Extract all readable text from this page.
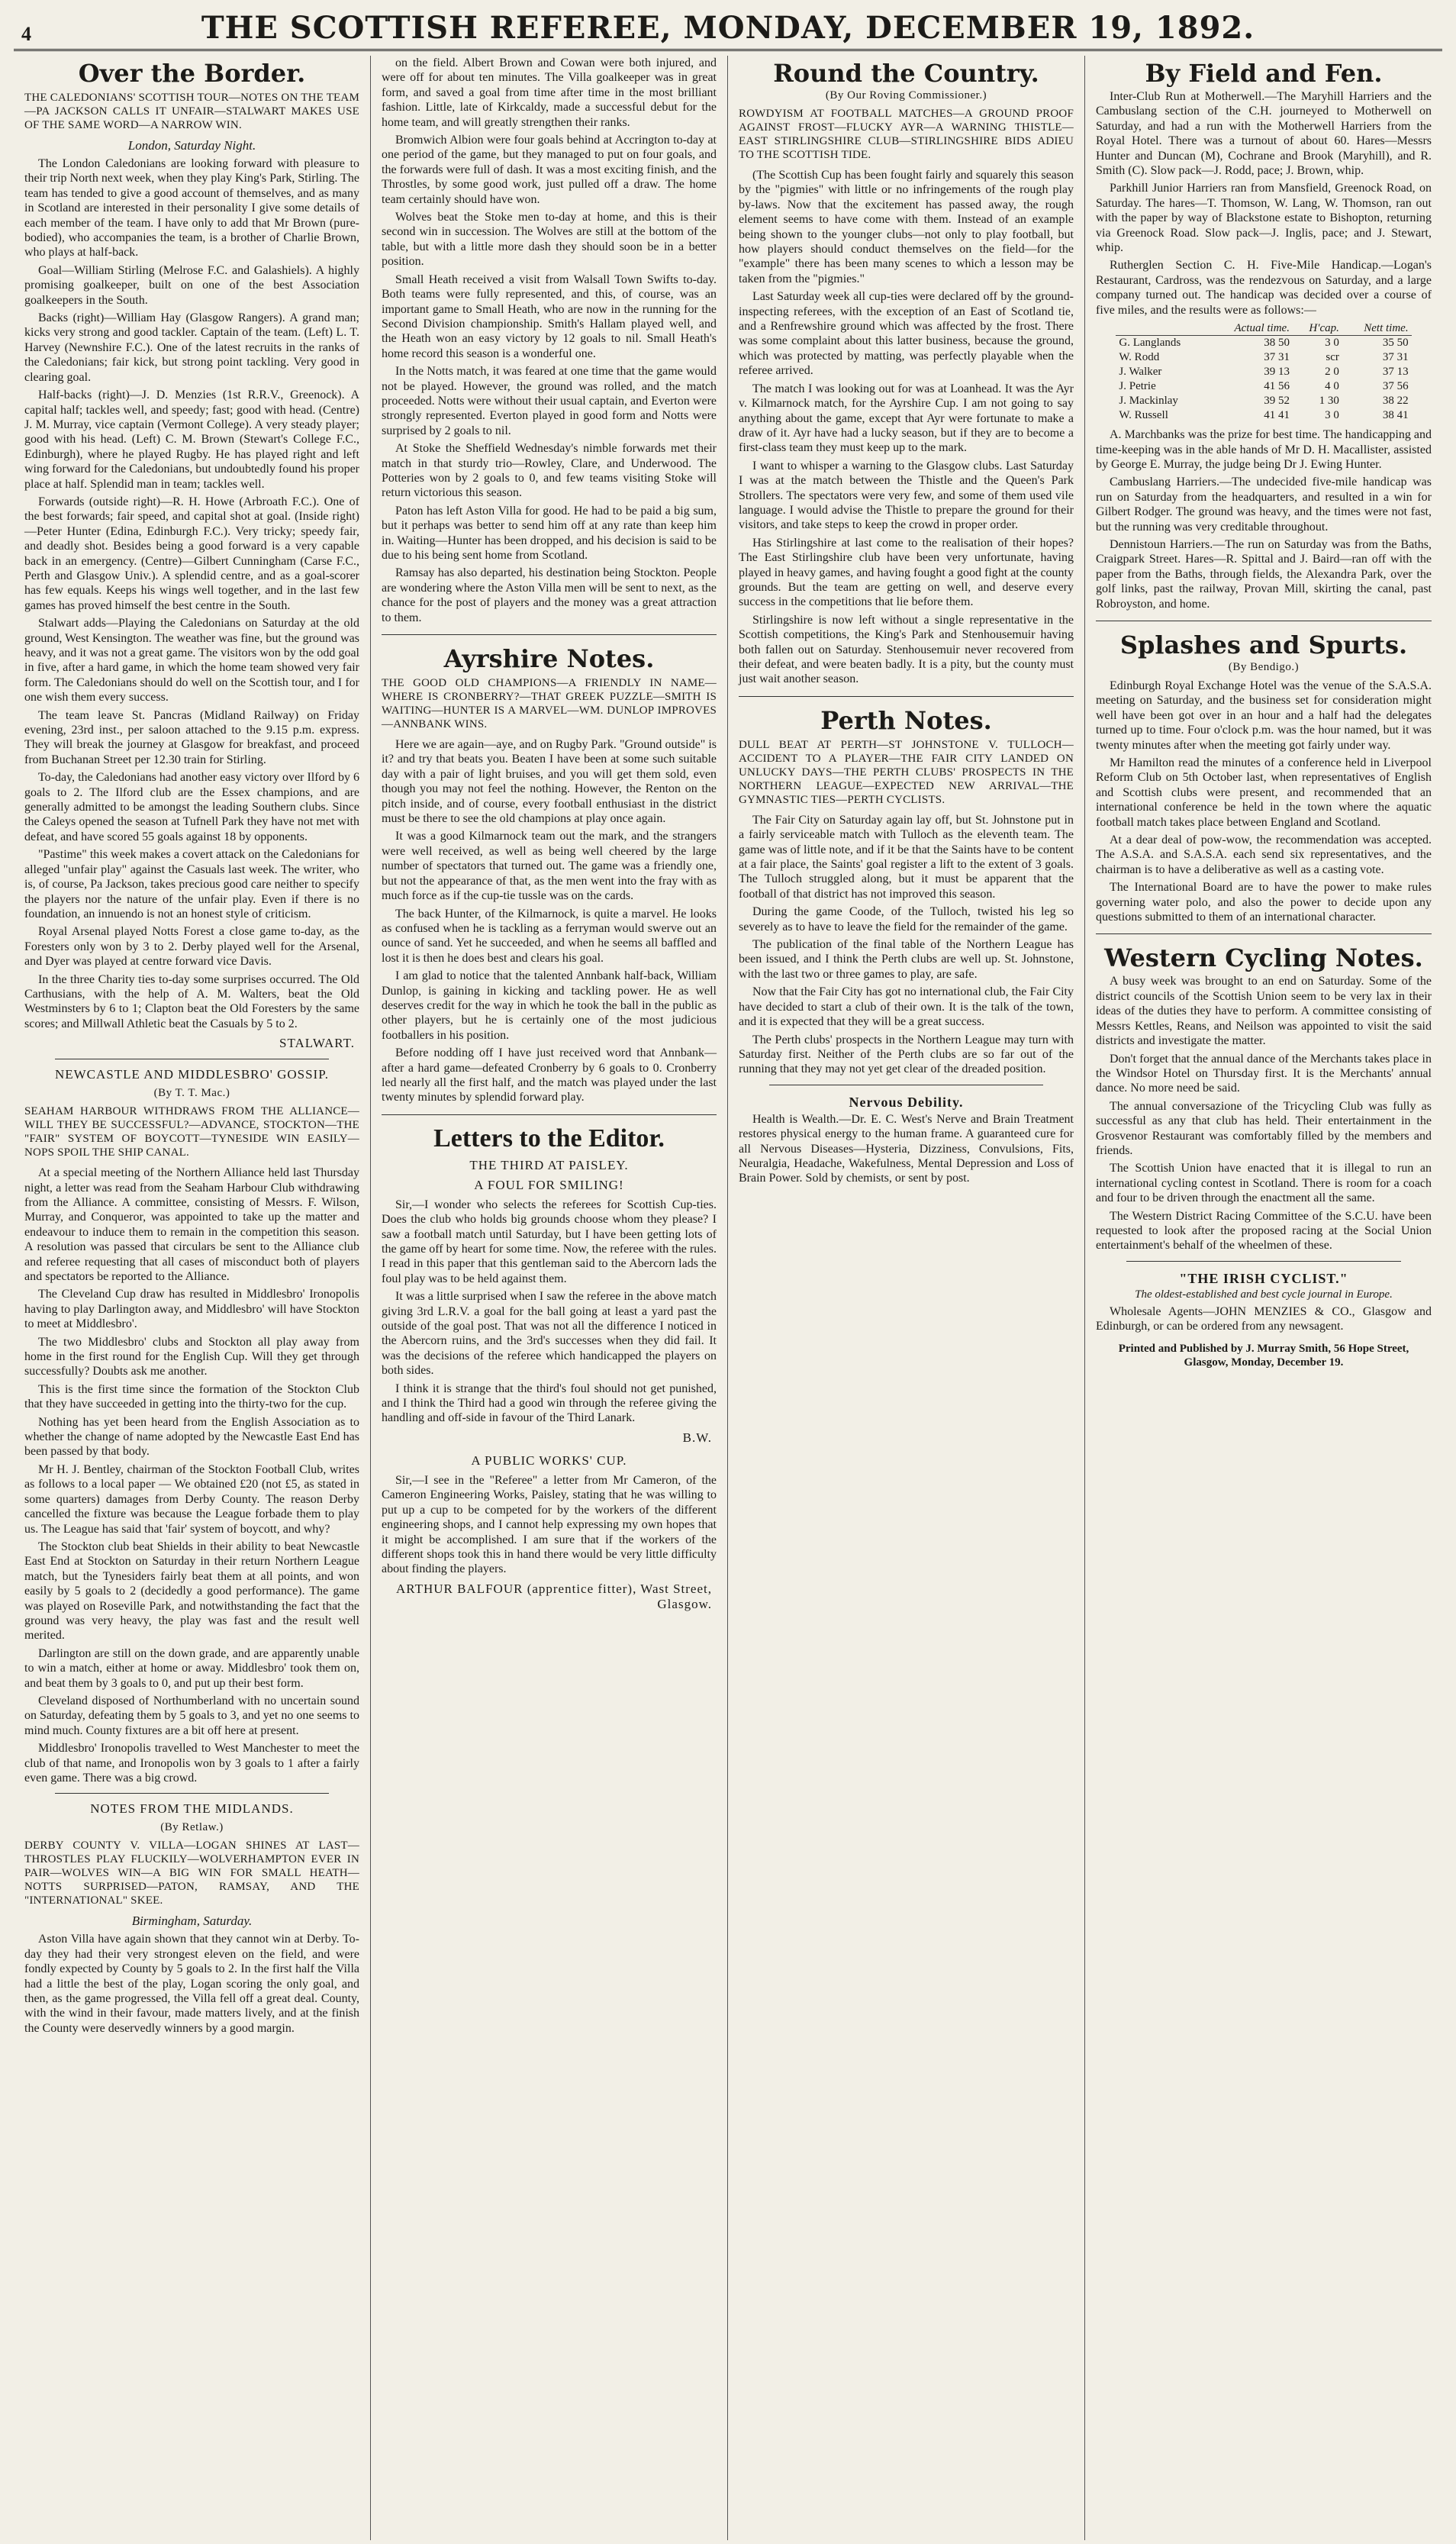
4	THE SCOTTISH REFEREE, MONDAY, DECEMBER 19, 1892.
Over the Border.
THE CALEDONIANS' SCOTTISH TOUR—NOTES ON THE TEAM—PA JACKSON CALLS IT UNFAIR—STALWART MAKES USE OF THE SAME WORD—A NARROW WIN.
London, Saturday Night.

The London Caledonians are looking forward with pleasure to their trip North next week, when they play King's Park, Stirling. The team has tended to give a good account of themselves, and as many in Scotland are interested in their personality I give some details of each member of the team. I have only to add that Mr Brown (pure-bodied), who accompanies the team, is a brother of Charlie Brown, who plays at half-back.

Goal—William Stirling (Melrose F.C. and Galashiels). A highly promising goalkeeper, built on one of the best Association goalkeepers in the South.

Backs (right)—William Hay (Glasgow Rangers). A grand man; kicks very strong and good tackler. Captain of the team. (Left) L. T. Harvey (Newnshire F.C.). One of the latest recruits in the ranks of the Caledonians; fair kick, but strong point tackling. Very good in clearing goal.

Half-backs (right)—J. D. Menzies (1st R.R.V., Greenock). A capital half; tackles well, and speedy; fast; good with head. (Centre) J. M. Murray, vice captain (Vermont College). A very steady player; good with his head. (Left) C. M. Brown (Stewart's College F.C., Edinburgh), where he played Rugby. He has played right and left wing forward for the Caledonians, but undoubtedly found his proper place at half. Splendid man in team; tackles well.

Forwards (outside right)—R. H. Howe (Arbroath F.C.). One of the best forwards; fair speed, and capital shot at goal. (Inside right)—Peter Hunter (Edina, Edinburgh F.C.). Very tricky; speedy fair, and deadly shot. Besides being a good forward is a very capable back in an emergency. (Centre)—Gilbert Cunningham (Carse F.C., Perth and Glasgow Univ.). A splendid centre, and as a goal-scorer has few equals. Keeps his wings well together, and in the last few games has proved himself the best centre in the South.

Stalwart adds—Playing the Caledonians on Saturday at the old ground, West Kensington. The weather was fine, but the ground was heavy, and it was not a great game. The visitors won by the odd goal in five, after a hard game, in which the home team showed very fair form. The Caledonians should do well on the Scottish tour, and I for one wish them every success.

The team leave St. Pancras (Midland Railway) on Friday evening, 23rd inst., per saloon attached to the 9.15 p.m. express. They will break the journey at Glasgow for breakfast, and proceed from Buchanan Street per 12.30 train for Stirling.

To-day, the Caledonians had another easy victory over Ilford by 6 goals to 2. The Ilford club are the Essex champions, and are generally admitted to be amongst the leading Southern clubs. Since the Caleys opened the season at Tufnell Park they have not met with defeat, and have scored 55 goals against 18 by opponents.

"Pastime" this week makes a covert attack on the Caledonians for alleged "unfair play" against the Casuals last week. The writer, who is, of course, Pa Jackson, takes precious good care neither to specify the players nor the nature of the unfair play. Even if there is no foundation, an innuendo is not an honest style of criticism.

Royal Arsenal played Notts Forest a close game to-day, as the Foresters only won by 3 to 2. Derby played well for the Arsenal, and Dyer was played at centre forward vice Davis.

In the three Charity ties to-day some surprises occurred. The Old Carthusians, with the help of A. M. Walters, beat the Old Westminsters by 6 to 1; Clapton beat the Old Foresters by the same scores; and Millwall Athletic beat the Casuals by 5 to 2.

STALWART.
NEWCASTLE AND MIDDLESBRO' GOSSIP.
(By T. T. Mac.)
SEAHAM HARBOUR WITHDRAWS FROM THE ALLIANCE—WILL THEY BE SUCCESSFUL?—ADVANCE, STOCKTON—THE "FAIR" SYSTEM OF BOYCOTT—TYNESIDE WIN EASILY—NOPS SPOIL THE SHIP CANAL.

At a special meeting of the Northern Alliance held last Thursday night, a letter was read from the Seaham Harbour Club withdrawing from the Alliance. A committee, consisting of Messrs. F. Wilson, Murray, and Conqueror, was appointed to take up the matter and endeavour to induce them to remain in the competition this season. A resolution was passed that circulars be sent to the Alliance club and referee requesting that all cases of misconduct both of players and spectators be reported to the Alliance.

The Cleveland Cup draw has resulted in Middlesbro' Ironopolis having to play Darlington away, and Middlesbro' will have Stockton to meet at Middlesbro'.

The two Middlesbro' clubs and Stockton all play away from home in the first round for the English Cup. Will they get through successfully? Doubts ask me another.

This is the first time since the formation of the Stockton Club that they have succeeded in getting into the thirty-two for the cup.

Nothing has yet been heard from the English Association as to whether the change of name adopted by the Newcastle East End has been passed by that body.

Mr H. J. Bentley, chairman of the Stockton Football Club, writes as follows to a local paper — We obtained £20 (not £5, as stated in some quarters) damages from Derby County. The reason Derby cancelled the fixture was because the League forbade them to play us. The League has said that 'fair' system of boycott, and why?

The Stockton club beat Shields in their ability to beat Newcastle East End at Stockton on Saturday in their return Northern League match, but the Tynesiders fairly beat them at all points, and won easily by 5 goals to 2 (decidedly a good performance). The game was played on Roseville Park, and notwithstanding the fact that the ground was very heavy, the play was fast and the result well merited.

Darlington are still on the down grade, and are apparently unable to win a match, either at home or away. Middlesbro' took them on, and beat them by 3 goals to 0, and put up their best form.

Cleveland disposed of Northumberland with no uncertain sound on Saturday, defeating them by 5 goals to 3, and yet no one seems to mind much. County fixtures are a bit off here at present.

Middlesbro' Ironopolis travelled to West Manchester to meet the club of that name, and Ironopolis won by 3 goals to 1 after a fairly even game. There was a big crowd.

NOTES FROM THE MIDLANDS.
(By Retlaw.)
DERBY COUNTY V. VILLA—LOGAN SHINES AT LAST—THROSTLES PLAY FLUCKILY—WOLVERHAMPTON EVER IN PAIR—WOLVES WIN—A BIG WIN FOR SMALL HEATH—NOTTS SURPRISED—PATON, RAMSAY, AND THE "INTERNATIONAL" SKEE.
Birmingham, Saturday.

Aston Villa have again shown that they cannot win at Derby. To-day they had their very strongest eleven on the field, and were fondly expected by County by 5 goals to 2. In the first half the Villa had a little the best of the play, Logan scoring the only goal, and then, as the game progressed, the Villa fell off a great deal. County, with the wind in their favour, made matters lively, and at the finish the County were deservedly winners by a good margin.

on the field. Albert Brown and Cowan were both injured, and were off for about ten minutes. The Villa goalkeeper was in great form, and saved a goal from time after time in the most brilliant fashion. Little, late of Kirkcaldy, made a successful debut for the home team, and will greatly strengthen their ranks.

Bromwich Albion were four goals behind at Accrington to-day at one period of the game, but they managed to put on four goals, and the forwards were full of dash. It was a most exciting finish, and the Throstles, by some good work, just pulled off a draw. The home team certainly should have won.

Wolves beat the Stoke men to-day at home, and this is their second win in succession. The Wolves are still at the bottom of the table, but with a little more dash they should soon be in a better position.

Small Heath received a visit from Walsall Town Swifts to-day. Both teams were fully represented, and this, of course, was an important game to Small Heath, who are now in the running for the Second Division championship. Smith's Hallam played well, and the Heath won an easy victory by 12 goals to nil. Small Heath's home record this season is a wonderful one.

In the Notts match, it was feared at one time that the game would not be played. However, the ground was rolled, and the match proceeded. Notts were without their usual captain, and Everton were strongly represented. Everton played in good form and Notts were surprised by 2 goals to nil.

At Stoke the Sheffield Wednesday's nimble forwards met their match in that sturdy trio—Rowley, Clare, and Underwood. The Potteries won by 2 goals to 0, and few teams visiting Stoke will return victorious this season.

Paton has left Aston Villa for good. He had to be paid a big sum, but it perhaps was better to send him off at any rate than keep him in. Waiting—Hunter has been dropped, and his decision is said to be due to his being sent home from Scotland.

Ramsay has also departed, his destination being Stockton. People are wondering where the Aston Villa men will be sent to next, as the chance for the post of players and the money was a great attraction to them.

Ayrshire Notes.
THE GOOD OLD CHAMPIONS—A FRIENDLY IN NAME—WHERE IS CRONBERRY?—THAT GREEK PUZZLE—SMITH IS WAITING—HUNTER IS A MARVEL—WM. DUNLOP IMPROVES—ANNBANK WINS.

Here we are again—aye, and on Rugby Park. "Ground outside" is it? and try that beats you. Beaten I have been at some such suitable day with a pair of light bruises, and you will get them sold, even though you may not feel the nothing. However, the Renton on the pitch inside, and of course, every football enthusiast in the district must be there to see the old champions at play once again.

It was a good Kilmarnock team out the mark, and the strangers were well received, as well as being well cheered by the large number of spectators that turned out. The game was a friendly one, but not the appearance of that, as the men went into the fray with as much force as if the cup-tie tussle was on the cards.

The back Hunter, of the Kilmarnock, is quite a marvel. He looks as confused when he is tackling as a ferryman would swerve out an ounce of sand. Yet he succeeded, and when he seems all baffled and lost it is then he does best and clears his goal.

I am glad to notice that the talented Annbank half-back, William Dunlop, is gaining in kicking and tackling power. He as well deserves credit for the way in which he took the ball in the public as other players, but he is certainly one of the most judicious footballers in his position.

Before nodding off I have just received word that Annbank—after a hard game—defeated Cronberry by 6 goals to 0. Cronberry led nearly all the first half, and the match was played under the last twenty minutes by splendid forward play.

Letters to the Editor.
THE THIRD AT PAISLEY.
A FOUL FOR SMILING!

Sir,—I wonder who selects the referees for Scottish Cup-ties. Does the club who holds big grounds choose whom they please? I saw a football match until Saturday, but I have been getting lots of the game off by heart for some time. Now, the referee with the rules. I read in this paper that this gentleman said to the Abercorn lads the foul play was to be held against them.

It was a little surprised when I saw the referee in the above match giving 3rd L.R.V. a goal for the ball going at least a yard past the outside of the goal post. That was not all the difference I noticed in the Abercorn ruins, and the 3rd's successes when they did fail. It was the decisions of the referee which handicapped the players on both sides.

I think it is strange that the third's foul should not get punished, and I think the Third had a good win through the referee giving the handling and off-side in favour of the Third Lanark.

B.W.
A PUBLIC WORKS' CUP.

Sir,—I see in the "Referee" a letter from Mr Cameron, of the Cameron Engineering Works, Paisley, stating that he was willing to put up a cup to be competed for by the workers of the different engineering shops, and I cannot help expressing my own hopes that it might be accomplished. I am sure that if the workers of the different shops took this in hand there would be very little difficulty about finding the players.

ARTHUR BALFOUR (apprentice fitter), Wast Street, Glasgow.
Round the Country.
(By Our Roving Commissioner.)
ROWDYISM AT FOOTBALL MATCHES—A GROUND PROOF AGAINST FROST—FLUCKY AYR—A WARNING THISTLE—EAST STIRLINGSHIRE CLUB—STIRLINGSHIRE BIDS ADIEU TO THE SCOTTISH TIDE.

(The Scottish Cup has been fought fairly and squarely this season by the "pigmies" with little or no infringements of the rough play by-laws. Now that the excitement has passed away, the rough element seems to have come with them. Instead of an example being shown to the younger clubs—not only to play football, but how players should conduct themselves on the field—for the "example" there has been many scenes to which a lesson may be taken from the "pigmies."

Last Saturday week all cup-ties were declared off by the ground-inspecting referees, with the exception of an East of Scotland tie, and a Renfrewshire ground which was affected by the frost. There was some complaint about this latter business, because the ground, which was protected by matting, was perfectly playable when the referee arrived.

The match I was looking out for was at Loanhead. It was the Ayr v. Kilmarnock match, for the Ayrshire Cup. I am not going to say anything about the game, except that Ayr were fortunate to make a draw of it. Ayr have had a lucky season, but if they are to become a first-class team they must keep up to the mark.

I want to whisper a warning to the Glasgow clubs. Last Saturday I was at the match between the Thistle and the Queen's Park Strollers. The spectators were very few, and some of them used vile language. I would advise the Thistle to prepare the ground for their visitors, and take steps to keep the crowd in proper order.

Has Stirlingshire at last come to the realisation of their hopes? The East Stirlingshire club have been very unfortunate, having played in heavy games, and having fought a good fight at the county grounds. But the team are getting on well, and deserve every success in the competitions that lie before them.

Stirlingshire is now left without a single representative in the Scottish competitions, the King's Park and Stenhousemuir having both fallen out on Saturday. Stenhousemuir never recovered from their defeat, and were beaten badly. It is a pity, but the county must just wait another season.

Perth Notes.
DULL BEAT AT PERTH—ST JOHNSTONE V. TULLOCH—ACCIDENT TO A PLAYER—THE FAIR CITY LANDED ON UNLUCKY DAYS—THE PERTH CLUBS' PROSPECTS IN THE NORTHERN LEAGUE—EXPECTED NEW ARRIVAL—THE GYMNASTIC TIES—PERTH CYCLISTS.

The Fair City on Saturday again lay off, but St. Johnstone put in a fairly serviceable match with Tulloch as the eleventh team. The game was of little note, and if it be that the Saints have to be content at a fair place, the Saints' goal register a lift to the extent of 3 goals. The Tulloch struggled along, but it must be apparent that the football of that district has not improved this season.

During the game Coode, of the Tulloch, twisted his leg so severely as to have to leave the field for the remainder of the game.

The publication of the final table of the Northern League has been issued, and I think the Perth clubs are well up. St. Johnstone, with the last two or three games to play, are safe.

Now that the Fair City has got no international club, the Fair City have decided to start a club of their own. It is the talk of the town, and it is expected that they will be a great success.

The Perth clubs' prospects in the Northern League may turn with Saturday first. Neither of the Perth clubs are so far out of the running that they may not yet get clear of the dreaded position.

Nervous Debility.

Health is Wealth.—Dr. E. C. West's Nerve and Brain Treatment restores physical energy to the human frame. A guaranteed cure for all Nervous Diseases—Hysteria, Dizziness, Convulsions, Fits, Neuralgia, Headache, Wakefulness, Mental Depression and Loss of Brain Power. Sold by chemists, or sent by post.

By Field and Fen.

Inter-Club Run at Motherwell.—The Maryhill Harriers and the Cambuslang section of the C.H. journeyed to Motherwell on Saturday, and had a run with the Motherwell Harriers from the Royal Hotel. There was a turnout of about 60. Hares—Messrs Hunter and Duncan (M), Cochrane and Brook (Maryhill), and R. Smith (C). Slow pack—J. Rodd, pace; J. Brown, whip.

Parkhill Junior Harriers ran from Mansfield, Greenock Road, on Saturday. The hares—T. Thomson, W. Lang, W. Thomson, ran out with the paper by way of Blackstone estate to Bishopton, returning via Greenock Road. Slow pack—J. Inglis, pace; and J. Stewart, whip.

Rutherglen Section C. H. Five-Mile Handicap.—Logan's Restaurant, Cardross, was the rendezvous on Saturday, and a large company turned out. The handicap was decided over a course of five miles, and the results were as follows:—

	Actual time.	H'cap.	Nett time.
G. Langlands	38 50	3 0	35 50
W. Rodd	37 31	scr	37 31
J. Walker	39 13	2 0	37 13
J. Petrie	41 56	4 0	37 56
J. Mackinlay	39 52	1 30	38 22
W. Russell	41 41	3 0	38 41

A. Marchbanks was the prize for best time. The handicapping and time-keeping was in the able hands of Mr D. H. Macallister, assisted by George E. Murray, the judge being Dr J. Ewing Hunter.

Cambuslang Harriers.—The undecided five-mile handicap was run on Saturday from the headquarters, and resulted in a win for Gilbert Rodger. The ground was heavy, and the times were not fast, but the running was very creditable throughout.

Dennistoun Harriers.—The run on Saturday was from the Baths, Craigpark Street. Hares—R. Spittal and J. Baird—ran off with the paper from the Baths, through fields, the Alexandra Park, over the golf links, past the railway, Provan Mill, skirting the canal, past Robroyston, and home.

Splashes and Spurts.
(By Bendigo.)

Edinburgh Royal Exchange Hotel was the venue of the S.A.S.A. meeting on Saturday, and the business set for consideration might well have been got over in an hour and a half had the delegates turned up to time. Four o'clock p.m. was the hour named, but it was twenty minutes after when the meeting got fairly under way.

Mr Hamilton read the minutes of a conference held in Liverpool Reform Club on 5th October last, when representatives of English and Scottish clubs were present, and recommended that an international conference be held in the town where the aquatic football match takes place between England and Scotland.

At a dear deal of pow-wow, the recommendation was accepted. The A.S.A. and S.A.S.A. each send six representatives, and the chairman is to have a deliberative as well as a casting vote.

The International Board are to have the power to make rules governing water polo, and also the power to decide upon any questions submitted to them of an international character.

Western Cycling Notes.

A busy week was brought to an end on Saturday. Some of the district councils of the Scottish Union seem to be very lax in their ideas of the duties they have to perform. A committee consisting of Messrs Kettles, Reans, and Neilson was appointed to visit the said districts and investigate the matter.

Don't forget that the annual dance of the Merchants takes place in the Windsor Hotel on Thursday first. It is the Merchants' annual dance. No more need be said.

The annual conversazione of the Tricycling Club was fully as successful as any that club has held. Their entertainment in the Grosvenor Restaurant was comfortably filled by the members and friends.

The Scottish Union have enacted that it is illegal to run an international cycling contest in Scotland. There is room for a coach and four to be driven through the enactment all the same.

The Western District Racing Committee of the S.C.U. have been requested to look after the proposed racing at the Social Union entertainment's behalf of the wheelmen of these.

"THE IRISH CYCLIST."
The oldest-established and best cycle journal in Europe.

Wholesale Agents—JOHN MENZIES & CO., Glasgow and Edinburgh, or can be ordered from any newsagent.

Printed and Published by J. Murray Smith, 56 Hope Street, Glasgow, Monday, December 19.
